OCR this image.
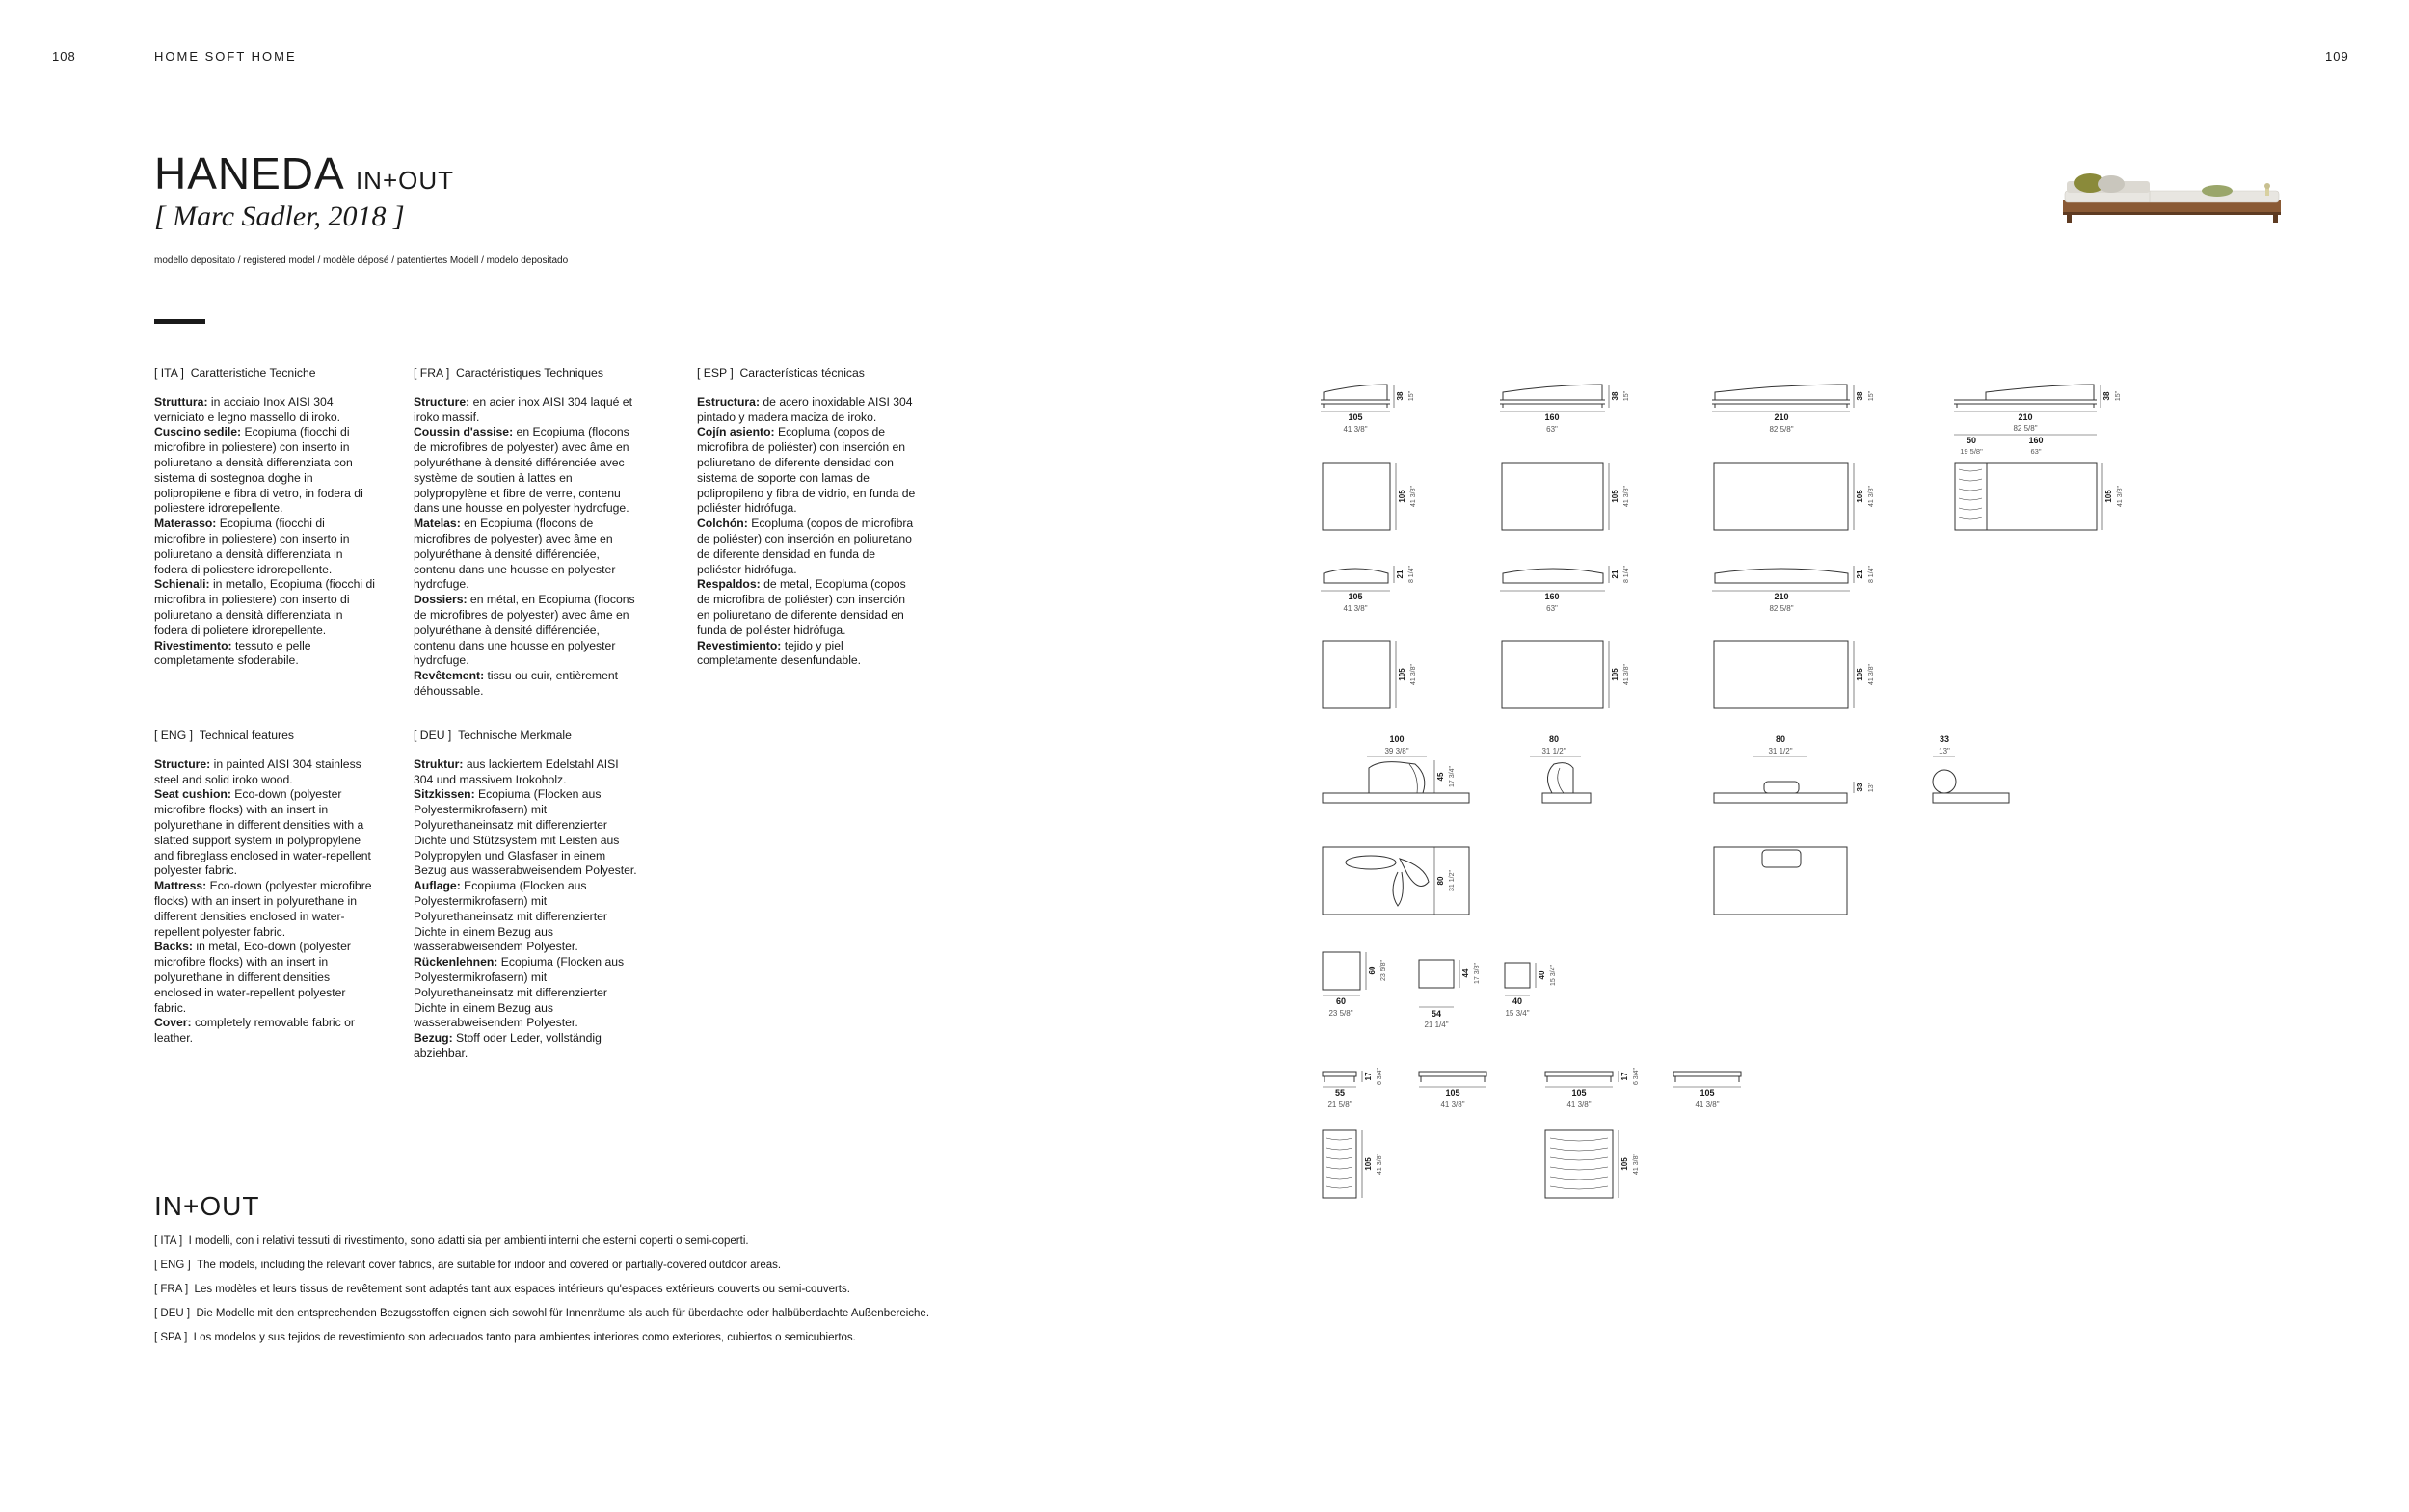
108	HOME SOFT HOME	109
HANEDA IN+OUT
[ Marc Sadler, 2018 ]
modello depositato / registered model / modèle déposé / patentiertes Modell / modelo depositado
[ ITA ] Caratteristiche Tecniche

Struttura: in acciaio Inox AISI 304 verniciato e legno massello di iroko.

Cuscino sedile: Ecopiuma (fiocchi di microfibre in poliestere) con inserto in poliuretano a densità differenziata con sistema di sostegnoa doghe in polipropilene e fibra di vetro, in fodera di poliestere idrorepellente.

Materasso: Ecopiuma (fiocchi di microfibre in poliestere) con inserto in poliuretano a densità differenziata in fodera di poliestere idrorepellente.

Schienali: in metallo, Ecopiuma (fiocchi di microfibra in poliestere) con inserto di poliuretano a densità differenziata in fodera di polietere idrorepellente.

Rivestimento: tessuto e pelle completamente sfoderabile.

[ FRA ] Caractéristiques Techniques

Structure: en acier inox AISI 304 laqué et iroko massif.

Coussin d'assise: en Ecopiuma (flocons de microfibres de polyester) avec âme en polyuréthane à densité différenciée avec système de soutien à lattes en polypropylène et fibre de verre, contenu dans une housse en polyester hydrofuge.

Matelas: en Ecopiuma (flocons de microfibres de polyester) avec âme en polyuréthane à densité différenciée, contenu dans une housse en polyester hydrofuge.

Dossiers: en métal, en Ecopiuma (flocons de microfibres de polyester) avec âme en polyuréthane à densité différenciée, contenu dans une housse en polyester hydrofuge.

Revêtement: tissu ou cuir, entièrement déhoussable.

[ ESP ] Características técnicas

Estructura: de acero inoxidable AISI 304 pintado y madera maciza de iroko.

Cojín asiento: Ecopluma (copos de microfibra de poliéster) con inserción en poliuretano de diferente densidad con sistema de soporte con lamas de polipropileno y fibra de vidrio, en funda de poliéster hidrófuga.

Colchón: Ecopluma (copos de microfibra de poliéster) con inserción en poliuretano de diferente densidad en funda de poliéster hidrófuga.

Respaldos: de metal, Ecopluma (copos de microfibra de poliéster) con inserción en poliuretano de diferente densidad en funda de poliéster hidrófuga.

Revestimiento: tejido y piel completamente desenfundable.

[ ENG ] Technical features

Structure: in painted AISI 304 stainless steel and solid iroko wood.

Seat cushion: Eco-down (polyester microfibre flocks) with an insert in polyurethane in different densities with a slatted support system in polypropylene and fibreglass enclosed in water-repellent polyester fabric.

Mattress: Eco-down (polyester microfibre flocks) with an insert in polyurethane in different densities enclosed in water-repellent polyester fabric.

Backs: in metal, Eco-down (polyester microfibre flocks) with an insert in polyurethane in different densities enclosed in water-repellent polyester fabric.

Cover: completely removable fabric or leather.

[ DEU ] Technische Merkmale

Struktur: aus lackiertem Edelstahl AISI 304 und massivem Irokoholz.

Sitzkissen: Ecopiuma (Flocken aus Polyestermikrofasern) mit Polyurethaneinsatz mit differenzierter Dichte und Stützsystem mit Leisten aus Polypropylen und Glasfaser in einem Bezug aus wasserabweisendem Polyester.

Auflage: Ecopiuma (Flocken aus Polyestermikrofasern) mit Polyurethaneinsatz mit differenzierter Dichte in einem Bezug aus wasserabweisendem Polyester.

Rückenlehnen: Ecopiuma (Flocken aus Polyestermikrofasern) mit Polyurethaneinsatz mit differenzierter Dichte in einem Bezug aus wasserabweisendem Polyester.

Bezug: Stoff oder Leder, vollständig abziehbar.

IN+OUT
[ ITA ] I modelli, con i relativi tessuti di rivestimento, sono adatti sia per ambienti interni che esterni coperti o semi-coperti.
[ ENG ] The models, including the relevant cover fabrics, are suitable for indoor and covered or partially-covered outdoor areas.
[ FRA ] Les modèles et leurs tissus de revêtement sont adaptés tant aux espaces intérieurs qu'espaces extérieurs couverts ou semi-couverts.
[ DEU ] Die Modelle mit den entsprechenden Bezugsstoffen eignen sich sowohl für Innenräume als auch für überdachte oder halbüberdachte Außenbereiche.
[ SPA ] Los modelos y sus tejidos de revestimiento son adecuados tanto para ambientes interiores como exteriores, cubiertos o semicubiertos.
105
41 3/8"
38 15"
160
63"
38 15"
210
82 5/8"
38 15"
210
82 5/8"
50
19 5/8"
160
63"
38 15"
105 41 3/8"	105 41 3/8"	105 41 3/8"	105 41 3/8"
105
41 3/8"
21 8 1/4"
160
63"
21 8 1/4"
210
82 5/8"
21 8 1/4"
105 41 3/8"	105 41 3/8"	105 41 3/8"
100
39 3/8"
45 17 3/4"
80
31 1/2"
80
31 1/2"
33 13"
33
13"
80 31 1/2"
60 23 5/8"
60
23 5/8"
44 17 3/8"
54
21 1/4"
40 15 3/4"
40
15 3/4"
55
21 5/8"
17 6 3/4"
105
41 3/8"
105
41 3/8"
17 6 3/4"
105
41 3/8"
105 41 3/8"	105 41 3/8"
